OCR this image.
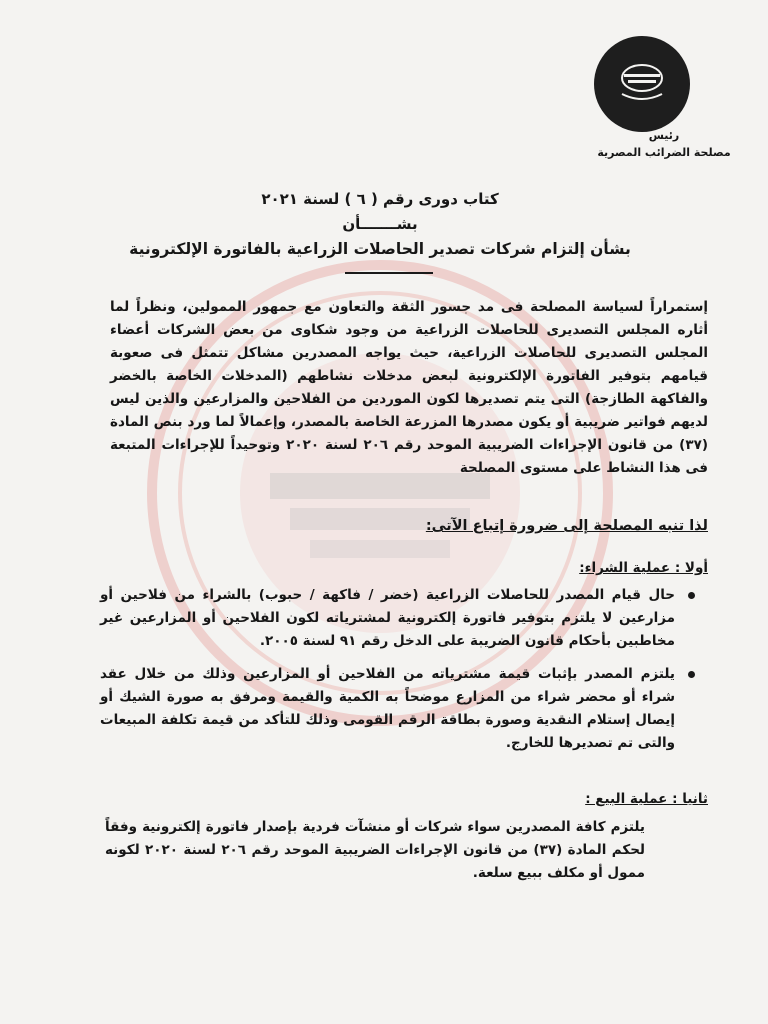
رئيس
مصلحة الضرائب المصرية
كتاب دورى رقم ( ٦ ) لسنة ٢٠٢١
بشـــــــأن
بشأن إلتزام شركات تصدير الحاصلات الزراعية بالفاتورة الإلكترونية

إستمراراً لسياسة المصلحة فى مد جسور الثقة والتعاون مع جمهور الممولين، ونظراً لما أثاره المجلس التصديرى للحاصلات الزراعية من وجود شكاوى من بعض الشركات أعضاء المجلس التصديرى للحاصلات الزراعية، حيث يواجه المصدرين مشاكل تتمثل فى صعوبة قيامهم بتوفير الفاتورة الإلكترونية لبعض مدخلات نشاطهم (المدخلات الخاصة بالخضر والفاكهة الطازجة) التى يتم تصديرها لكون الموردين من الفلاحين والمزارعين والذين ليس لديهم فواتير ضريبية أو يكون مصدرها المزرعة الخاصة بالمصدر، وإعمالاً لما ورد بنص المادة (٣٧) من قانون الإجراءات الضريبية الموحد رقم ٢٠٦ لسنة ٢٠٢٠ وتوحيداً للإجراءات المتبعة فى هذا النشاط على مستوى المصلحة

لذا تنبه المصلحة إلى ضرورة إتباع الآتى:
أولا : عملية الشراء:
حال قيام المصدر للحاصلات الزراعية (خضر / فاكهة / حبوب) بالشراء من فلاحين أو مزارعين لا يلتزم بتوفير فاتورة إلكترونية لمشترياته لكون الفلاحين أو المزارعين غير مخاطبين بأحكام قانون الضريبة على الدخل رقم ٩١ لسنة ٢٠٠٥.
يلتزم المصدر بإثبات قيمة مشترياته من الفلاحين أو المزارعين وذلك من خلال عقد شراء أو محضر شراء من المزارع موضحاً به الكمية والقيمة ومرفق به صورة الشيك أو إيصال إستلام النقدية وصورة بطاقة الرقم القومى وذلك للتأكد من قيمة تكلفة المبيعات والتى تم تصديرها للخارج.
ثانيا : عملية البيع :

يلتزم كافة المصدرين سواء شركات أو منشآت فردية بإصدار فاتورة إلكترونية وفقاً لحكم المادة (٣٧) من قانون الإجراءات الضريبية الموحد رقم ٢٠٦ لسنة ٢٠٢٠ لكونه ممول أو مكلف ببيع سلعة.
